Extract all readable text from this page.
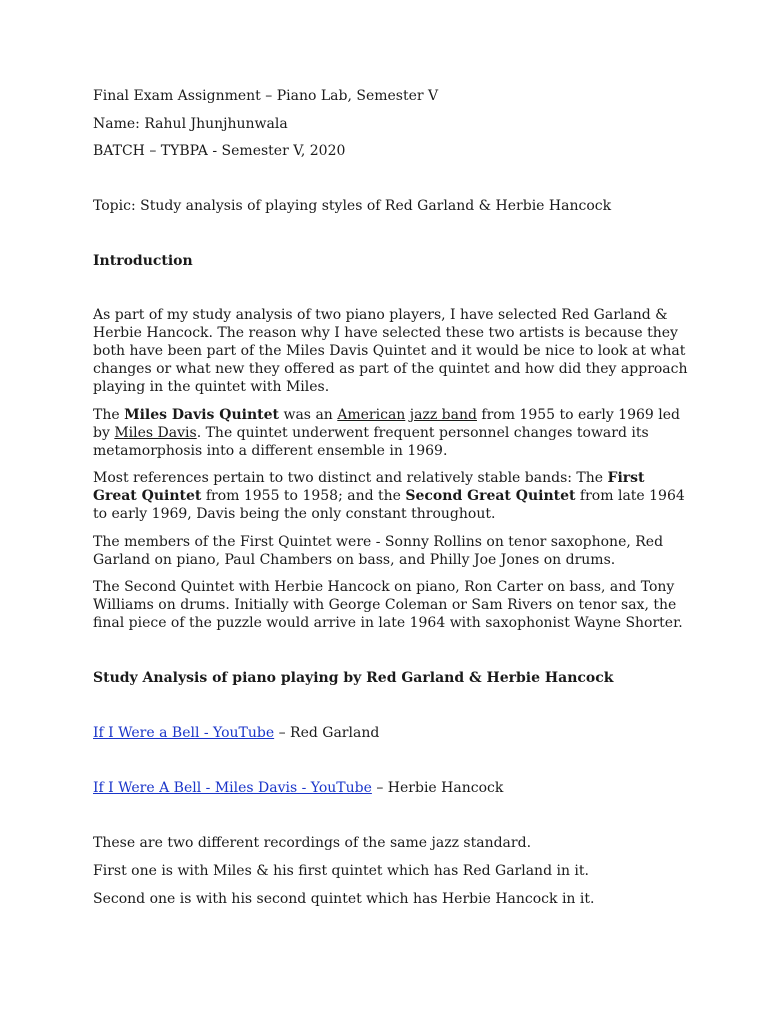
Final Exam Assignment – Piano Lab, Semester V
Name: Rahul Jhunjhunwala
BATCH – TYBPA - Semester V, 2020
Topic: Study analysis of playing styles of Red Garland & Herbie Hancock
Introduction
As part of my study analysis of two piano players, I have selected Red Garland & Herbie Hancock. The reason why I have selected these two artists is because they both have been part of the Miles Davis Quintet and it would be nice to look at what changes or what new they offered as part of the quintet and how did they approach playing in the quintet with Miles.
The Miles Davis Quintet was an American jazz band from 1955 to early 1969 led by Miles Davis. The quintet underwent frequent personnel changes toward its metamorphosis into a different ensemble in 1969.
Most references pertain to two distinct and relatively stable bands: The First Great Quintet from 1955 to 1958; and the Second Great Quintet from late 1964 to early 1969, Davis being the only constant throughout.
The members of the First Quintet were - Sonny Rollins on tenor saxophone, Red Garland on piano, Paul Chambers on bass, and Philly Joe Jones on drums.
The Second Quintet with Herbie Hancock on piano, Ron Carter on bass, and Tony Williams on drums. Initially with George Coleman or Sam Rivers on tenor sax, the final piece of the puzzle would arrive in late 1964 with saxophonist Wayne Shorter.
Study Analysis of piano playing by Red Garland & Herbie Hancock
If I Were a Bell - YouTube – Red Garland
If I Were A Bell - Miles Davis - YouTube – Herbie Hancock
These are two different recordings of the same jazz standard.
First one is with Miles & his first quintet which has Red Garland in it.
Second one is with his second quintet which has Herbie Hancock in it.
